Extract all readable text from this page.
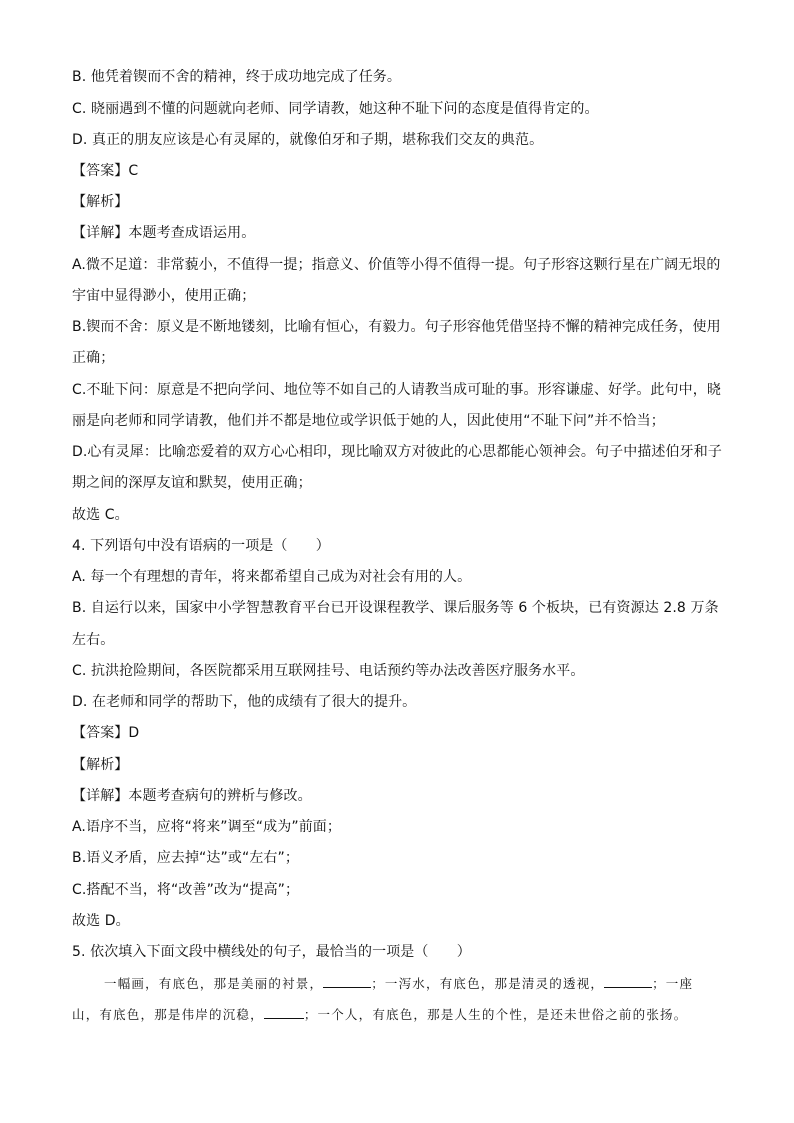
B. 他凭着锲而不舍的精神，终于成功地完成了任务。
C. 晓丽遇到不懂的问题就向老师、同学请教，她这种不耻下问的态度是值得肯定的。
D. 真正的朋友应该是心有灵犀的，就像伯牙和子期，堪称我们交友的典范。
【答案】C
【解析】
【详解】本题考查成语运用。
A.微不足道：非常藐小，不值得一提；指意义、价值等小得不值得一提。句子形容这颗行星在广阔无垠的
宇宙中显得渺小，使用正确；
B.锲而不舍：原义是不断地镂刻，比喻有恒心，有毅力。句子形容他凭借坚持不懈的精神完成任务，使用
正确；
C.不耻下问：原意是不把向学问、地位等不如自己的人请教当成可耻的事。形容谦虚、好学。此句中，晓
丽是向老师和同学请教，他们并不都是地位或学识低于她的人，因此使用“不耻下问”并不恰当；
D.心有灵犀：比喻恋爱着的双方心心相印，现比喻双方对彼此的心思都能心领神会。句子中描述伯牙和子
期之间的深厚友谊和默契，使用正确；
故选 C。
4. 下列语句中没有语病的一项是（　　）
A. 每一个有理想的青年，将来都希望自己成为对社会有用的人。
B. 自运行以来，国家中小学智慧教育平台已开设课程教学、课后服务等 6 个板块，已有资源达 2.8 万条
左右。
C. 抗洪抢险期间，各医院都采用互联网挂号、电话预约等办法改善医疗服务水平。
D. 在老师和同学的帮助下，他的成绩有了很大的提升。
【答案】D
【解析】
【详解】本题考查病句的辨析与修改。
A.语序不当，应将“将来”调至“成为”前面；
B.语义矛盾，应去掉“达”或“左右”；
C.搭配不当，将“改善”改为“提高”；
故选 D。
5. 依次填入下面文段中横线处的句子，最恰当的一项是（　　）
一幅画，有底色，那是美丽的衬景，	；一泻水，有底色，那是清灵的透视，	；一座
山，有底色，那是伟岸的沉稳，	；一个人，有底色，那是人生的个性，是还未世俗之前的张扬。
